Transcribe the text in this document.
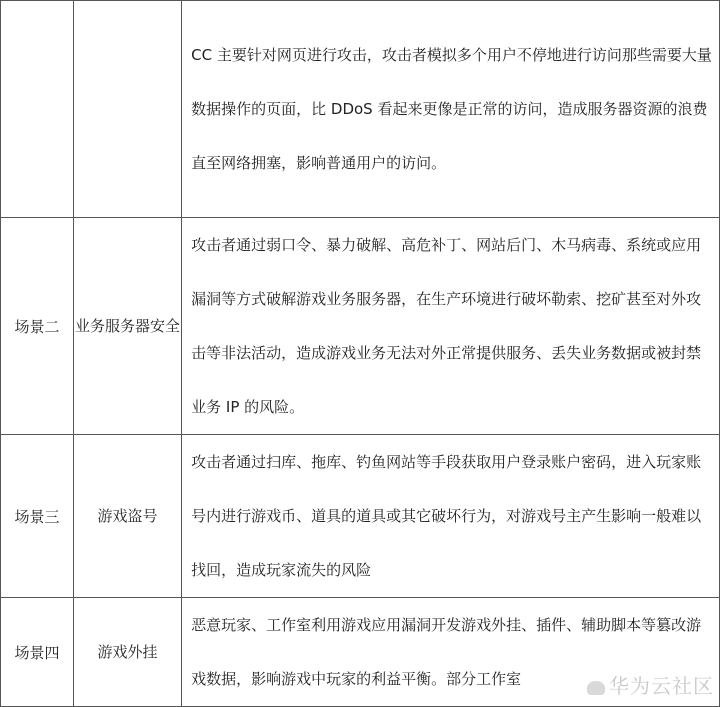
		CC 主要针对网页进行攻击，攻击者模拟多个用户不停地进行访问那些需要大量数据操作的页面，比 DDoS 看起来更像是正常的访问，造成服务器资源的浪费直至网络拥塞，影响普通用户的访问。
场景二	业务服务器安全	攻击者通过弱口令、暴力破解、高危补丁、网站后门、木马病毒、系统或应用漏洞等方式破解游戏业务服务器，在生产环境进行破坏勒索、挖矿甚至对外攻击等非法活动，造成游戏业务无法对外正常提供服务、丢失业务数据或被封禁业务 IP 的风险。
场景三	游戏盗号	攻击者通过扫库、拖库、钓鱼网站等手段获取用户登录账户密码，进入玩家账号内进行游戏币、道具的道具或其它破坏行为，对游戏号主产生影响一般难以找回，造成玩家流失的风险
场景四	游戏外挂	恶意玩家、工作室利用游戏应用漏洞开发游戏外挂、插件、辅助脚本等篡改游戏数据，影响游戏中玩家的利益平衡。部分工作室	华为云社区
